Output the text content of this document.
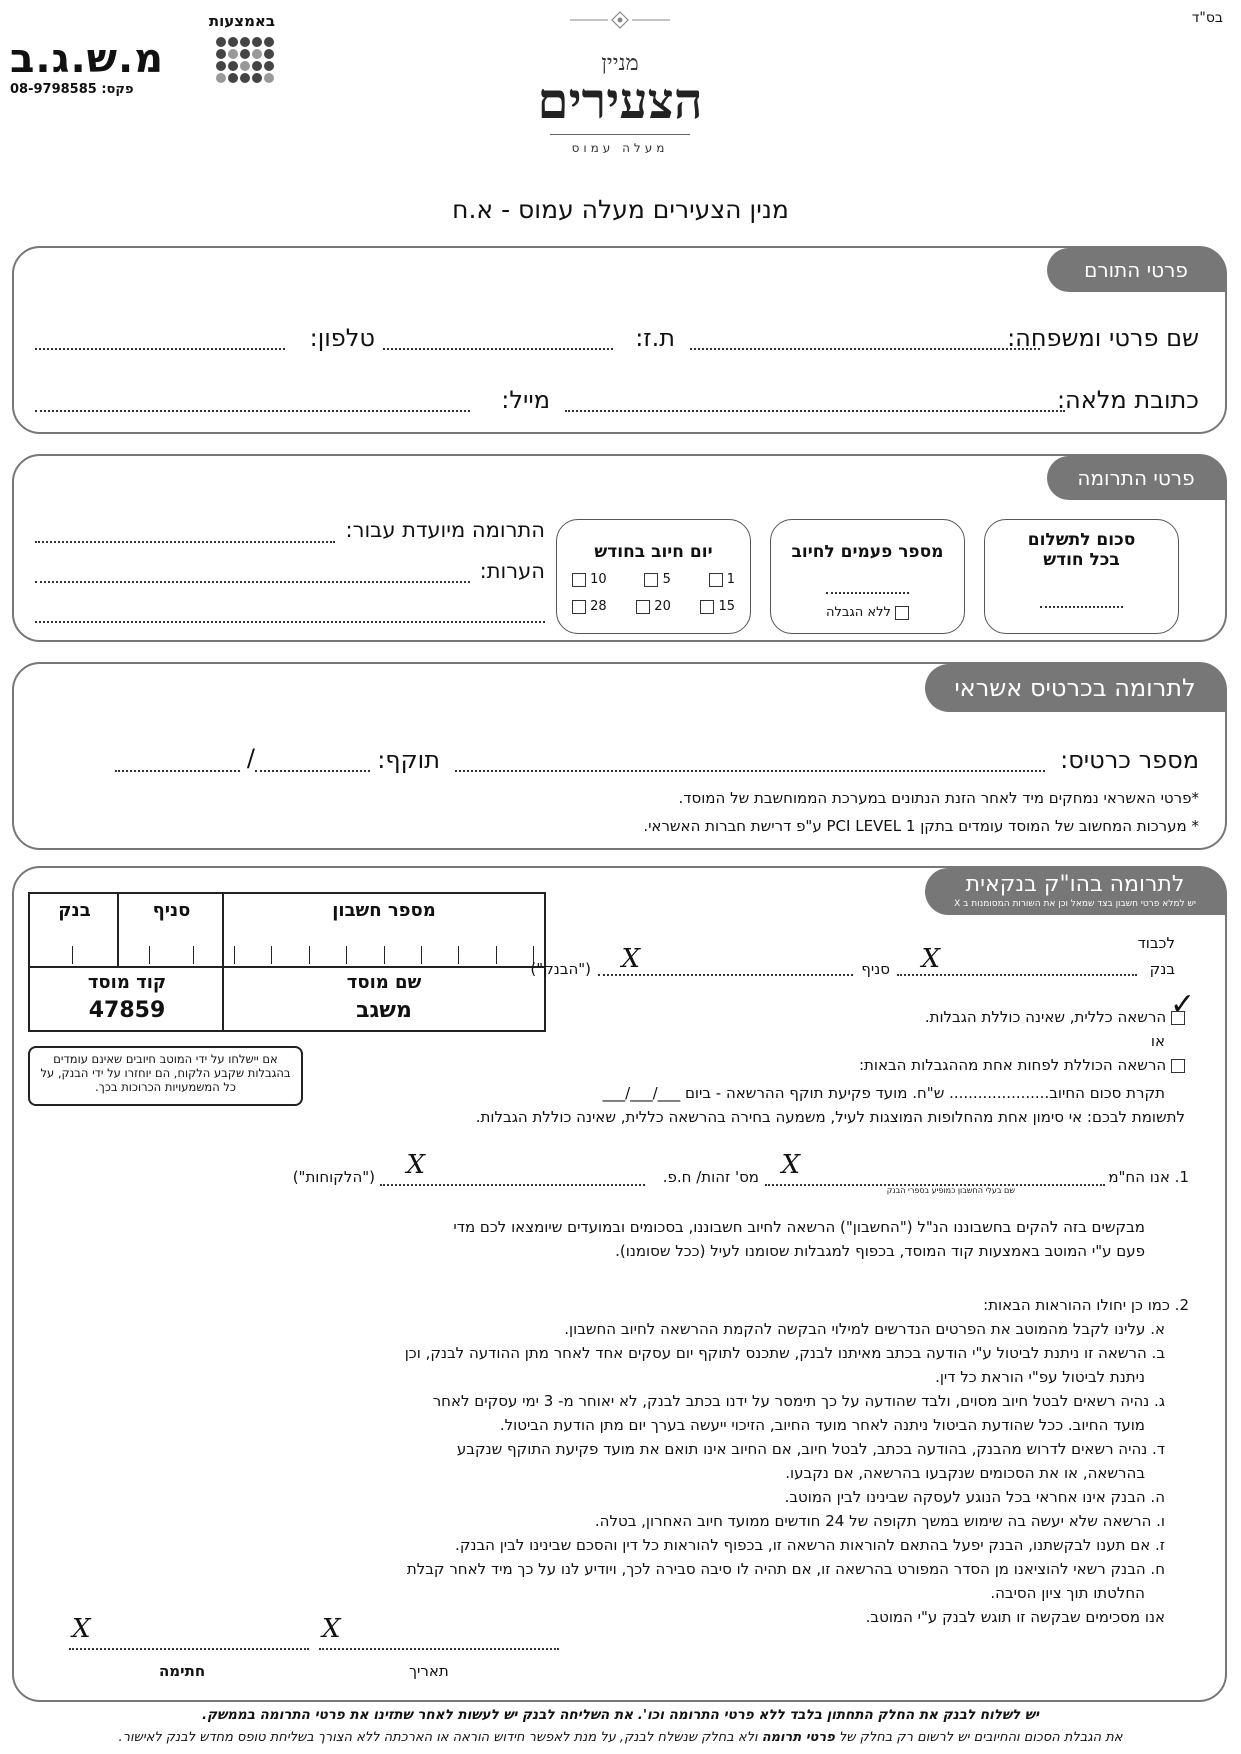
בס"ד
מניין
הצעירים
מעלה עמוס
באמצעות
מ.ש.ג.ב
פקס: 08-9798585
מנין הצעירים מעלה עמוס - א.ח
פרטי התורם
שם פרטי ומשפחה:
ת.ז:
טלפון:
כתובת מלאה:
מייל:
פרטי התרומה
סכום לתשלום בכל חודש
מספר פעמים לחיוב
ללא הגבלה
יום חיוב בחודש
1
5
10
15
20
28
התרומה מיועדת עבור:
הערות:
לתרומה בכרטיס אשראי
מספר כרטיס:
תוקף:
/
*פרטי האשראי נמחקים מיד לאחר הזנת הנתונים במערכת הממוחשבת של המוסד.
* מערכות המחשוב של המוסד עומדים בתקן PCI LEVEL 1 ע"פ דרישת חברות האשראי.
לתרומה בהו"ק בנקאית
יש למלא פרטי חשבון בצד שמאל וכן את השורות המסומנות ב X
מספר חשבון
סניף
בנק
שם מוסד
משגב
קוד מוסד
47859
אם יישלחו על ידי המוטב חיובים שאינם עומדים בהגבלות שקבע הלקוח, הם יוחזרו על ידי הבנק, על כל המשמעויות הכרוכות בכך.
לכבוד
בנק
X
סניף
X
("הבנק")
✓
הרשאה כללית, שאינה כוללת הגבלות.
או
הרשאה הכוללת לפחות אחת מההגבלות הבאות:
תקרת סכום החיוב..................... ש"ח. מועד פקיעת תוקף ההרשאה - ביום ___/___/___
לתשומת לבכם: אי סימון אחת מהחלופות המוצגות לעיל, משמעה בחירה בהרשאה כללית, שאינה כוללת הגבלות.
1. אנו הח"מ
שם בעלי החשבון כמופיע בספרי הבנק
X
מס' זהות/ ח.פ.
X
("הלקוחות")
מבקשים בזה להקים בחשבוננו הנ"ל ("החשבון") הרשאה לחיוב חשבוננו, בסכומים ובמועדים שיומצאו לכם מדי
פעם ע"י המוטב באמצעות קוד המוסד, בכפוף למגבלות שסומנו לעיל (ככל שסומנו).
2. כמו כן יחולו ההוראות הבאות:
א. עלינו לקבל מהמוטב את הפרטים הנדרשים למילוי הבקשה להקמת ההרשאה לחיוב החשבון.
ב. הרשאה זו ניתנת לביטול ע"י הודעה בכתב מאיתנו לבנק, שתכנס לתוקף יום עסקים אחד לאחר מתן ההודעה לבנק, וכן
ניתנת לביטול עפ"י הוראת כל דין.
ג. נהיה רשאים לבטל חיוב מסוים, ולבד שהודעה על כך תימסר על ידנו בכתב לבנק, לא יאוחר מ- 3 ימי עסקים לאחר
מועד החיוב. ככל שהודעת הביטול ניתנה לאחר מועד החיוב, הזיכוי ייעשה בערך יום מתן הודעת הביטול.
ד. נהיה רשאים לדרוש מהבנק, בהודעה בכתב, לבטל חיוב, אם החיוב אינו תואם את מועד פקיעת התוקף שנקבע
בהרשאה, או את הסכומים שנקבעו בהרשאה, אם נקבעו.
ה. הבנק אינו אחראי בכל הנוגע לעסקה שבינינו לבין המוטב.
ו. הרשאה שלא יעשה בה שימוש במשך תקופה של 24 חודשים ממועד חיוב האחרון, בטלה.
ז. אם תענו לבקשתנו, הבנק יפעל בהתאם להוראות הרשאה זו, בכפוף להוראות כל דין והסכם שבינינו לבין הבנק.
ח. הבנק רשאי להוציאנו מן הסדר המפורט בהרשאה זו, אם תהיה לו סיבה סבירה לכך, ויודיע לנו על כך מיד לאחר קבלת
החלטתו תוך ציון הסיבה.
אנו מסכימים שבקשה זו תוגש לבנק ע"י המוטב.
X
תאריך
X
חתימה
יש לשלוח לבנק את החלק התחתון בלבד ללא פרטי התרומה וכו'. את השליחה לבנק יש לעשות לאחר שתזינו את פרטי התרומה בממשק.
את הגבלת הסכום והחיובים יש לרשום רק בחלק של פרטי תרומה ולא בחלק שנשלח לבנק, על מנת לאפשר חידוש הוראה או הארכתה ללא הצורך בשליחת טופס מחדש לבנק לאישור.
